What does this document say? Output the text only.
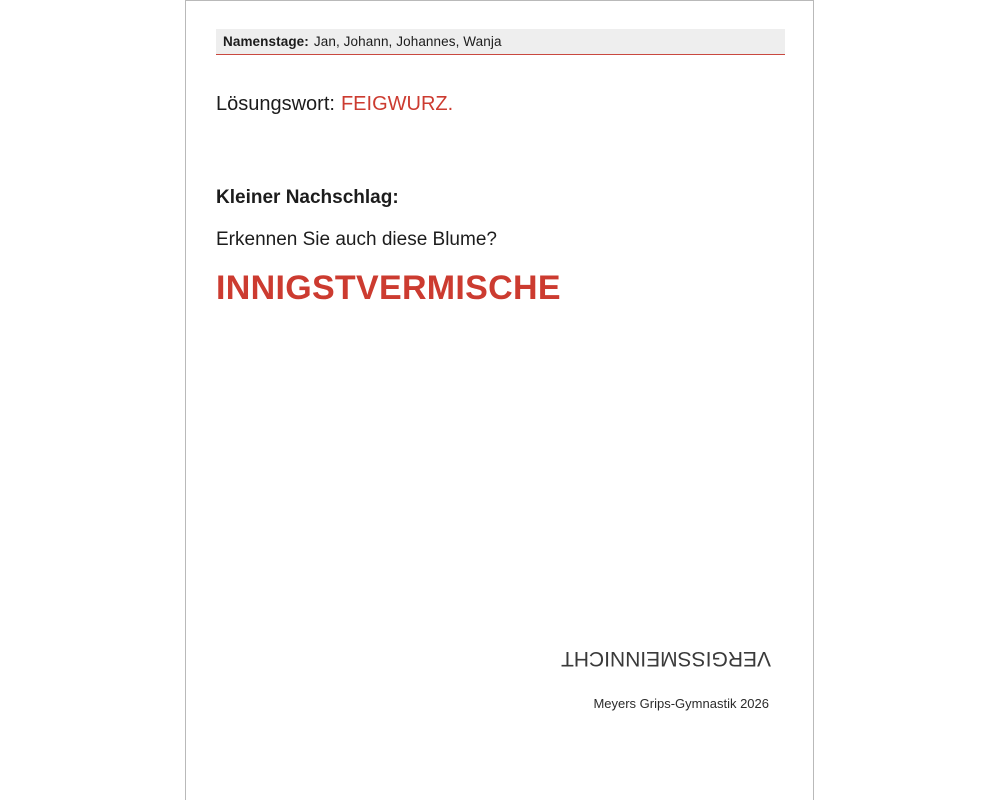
Namenstage: Jan, Johann, Johannes, Wanja
Lösungswort: FEIGWURZ.
Kleiner Nachschlag:
Erkennen Sie auch diese Blume?
INNIGSTVERMISCHE
VERGISSMEINNICHT
Meyers Grips-Gymnastik 2026
